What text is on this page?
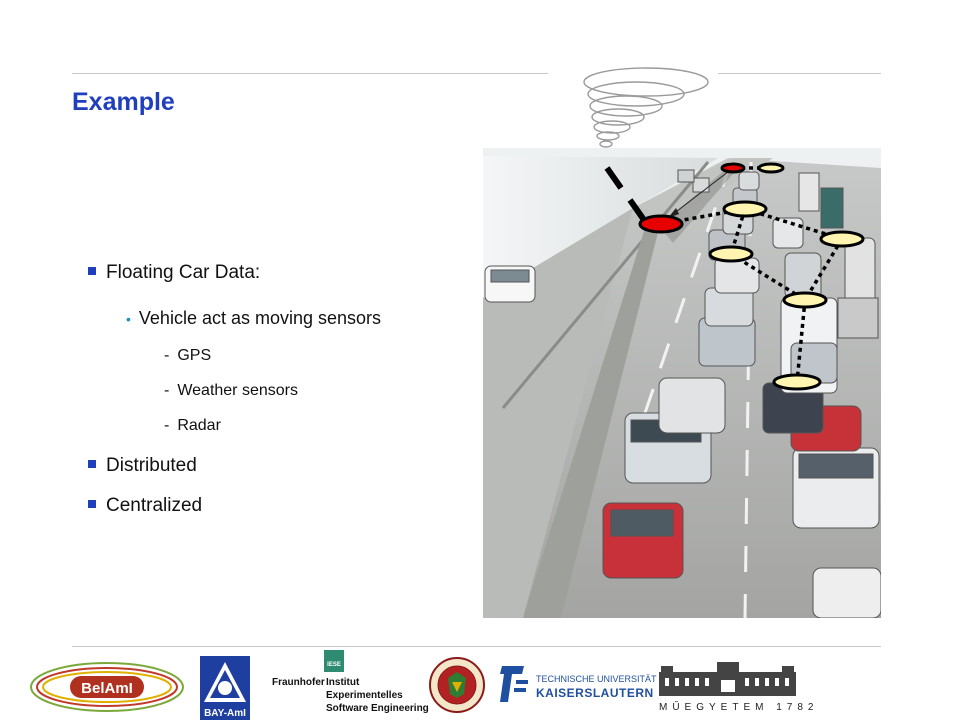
Example
Floating Car Data:
• Vehicle act as moving sensors
- GPS
- Weather sensors
- Radar
Distributed
Centralized
BelAmI
BAY-AmI
IESE
Fraunhofer Institut
Experimentelles
Software Engineering
TECHNISCHE UNIVERSITÄT
KAISERSLAUTERN
MŰEGYETEM 1782
